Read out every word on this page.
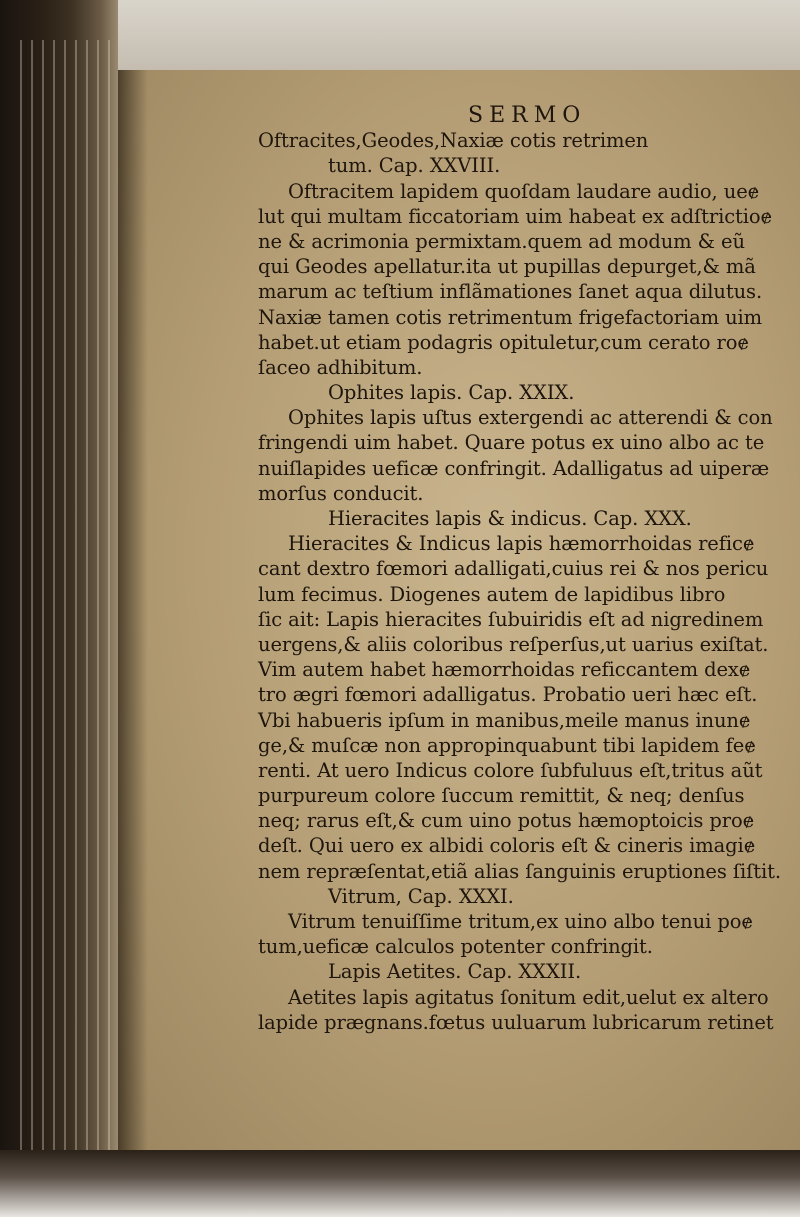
SERMO
Oftracites,Geodes,Naxiæ cotis retrimen
tum. Cap. XXVIII.
Oftracitem lapidem quoſdam laudare audio, ueɇ
lut qui multam ficcatoriam uim habeat ex adſtrictioɇ
ne & acrimonia permixtam.quem ad modum & eũ
qui Geodes apellatur.ita ut pupillas depurget,& mã
marum ac teſtium inflãmationes ſanet aqua dilutus.
Naxiæ tamen cotis retrimentum frigefactoriam uim
habet.ut etiam podagris opituletur,cum cerato roɇ
ſaceo adhibitum.
Ophites lapis. Cap. XXIX.
Ophites lapis uſtus extergendi ac atterendi & con
fringendi uim habet. Quare potus ex uino albo ac te
nuiſlapides ueficæ confringit. Adalligatus ad uiperæ
morſus conducit.
Hieracites lapis & indicus. Cap. XXX.
Hieracites & Indicus lapis hæmorrhoidas reficɇ
cant dextro fœmori adalligati,cuius rei & nos pericu
lum fecimus. Diogenes autem de lapidibus libro
ſic ait: Lapis hieracites ſubuiridis eſt ad nigredinem
uergens,& aliis coloribus reſperſus,ut uarius exiſtat.
Vim autem habet hæmorrhoidas reficcantem dexɇ
tro ægri fœmori adalligatus. Probatio ueri hæc eſt.
Vbi habueris ipſum in manibus,meile manus inunɇ
ge,& muſcæ non appropinquabunt tibi lapidem feɇ
renti. At uero Indicus colore ſubfuluus eſt,tritus aũt
purpureum colore ſuccum remittit, & neq; denſus
neq; rarus eſt,& cum uino potus hæmoptoicis proɇ
deſt. Qui uero ex albidi coloris eſt & cineris imagiɇ
nem repræſentat,etiã alias ſanguinis eruptiones ſiſtit.
Vitrum, Cap. XXXI.
Vitrum tenuiſſime tritum,ex uino albo tenui poɇ
tum,ueficæ calculos potenter confringit.
Lapis Aetites. Cap. XXXII.
Aetites lapis agitatus ſonitum edit,uelut ex altero
lapide prægnans.fœtus uuluarum lubricarum retinet
